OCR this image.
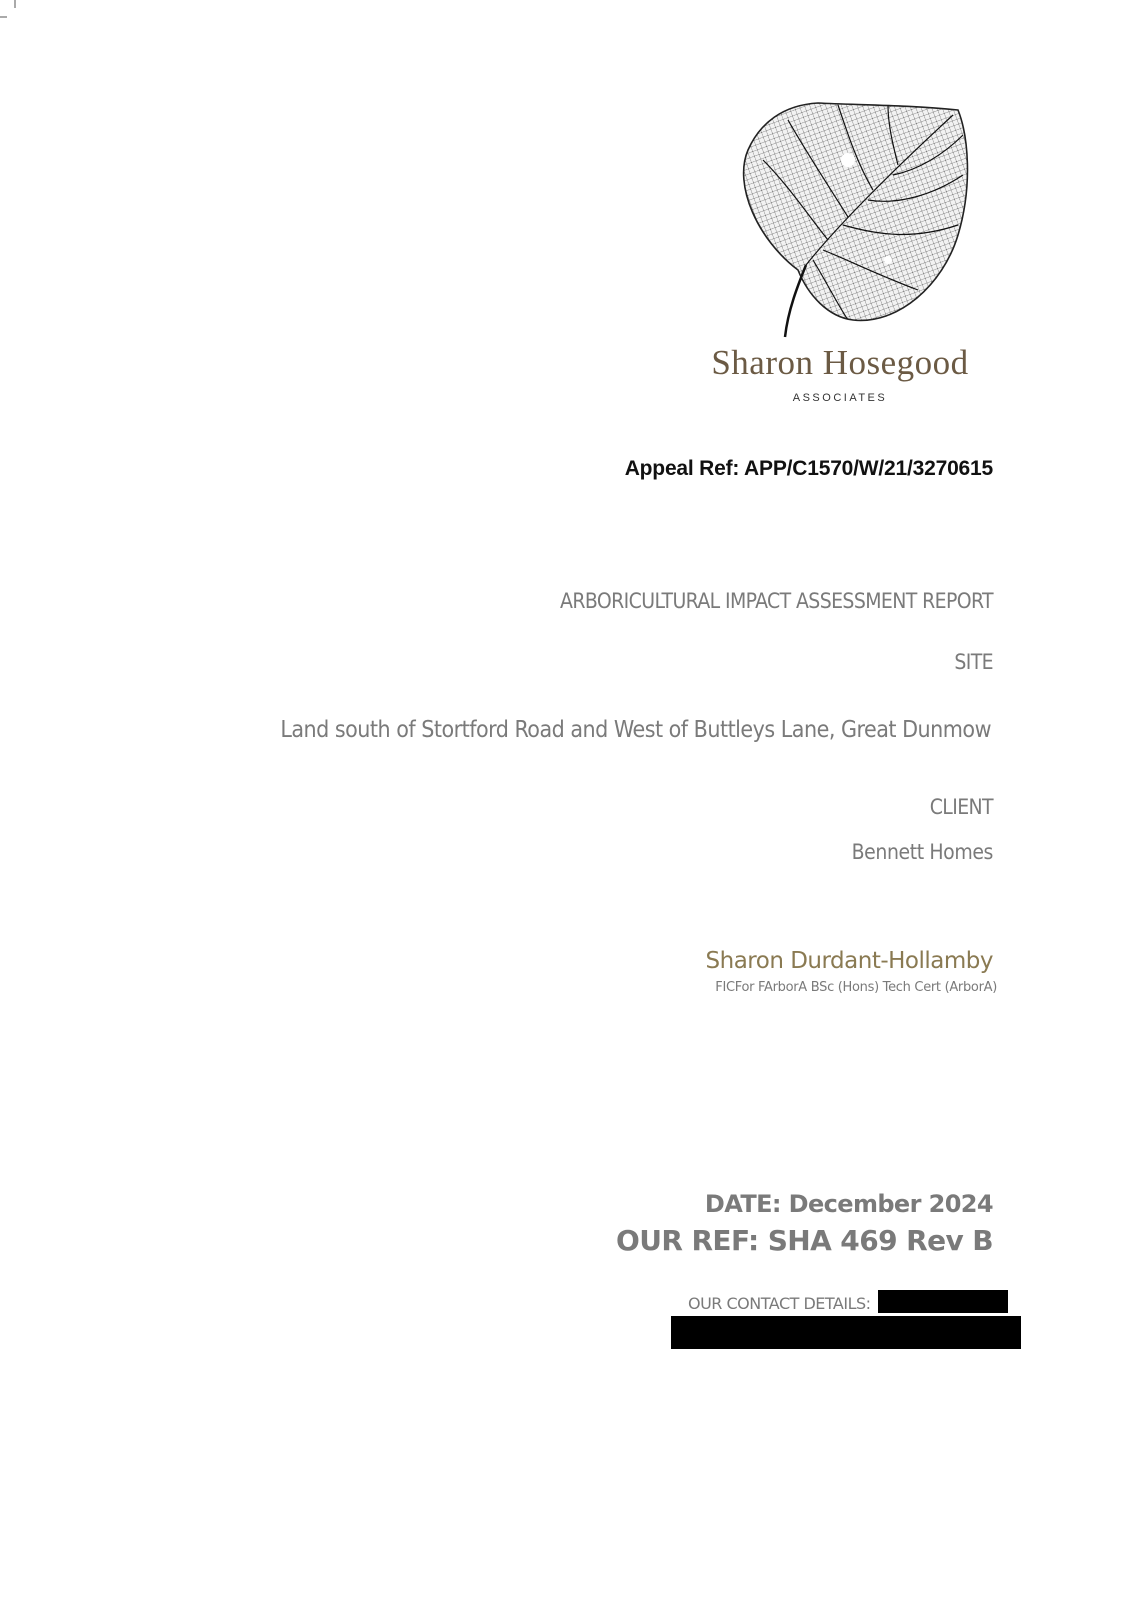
Sharon Hosegood
ASSOCIATES
Appeal Ref: APP/C1570/W/21/3270615
ARBORICULTURAL IMPACT ASSESSMENT REPORT
SITE
Land south of Stortford Road and West of Buttleys Lane, Great Dunmow
CLIENT
Bennett Homes
Sharon Durdant-Hollamby
FICFor FArborA BSc (Hons) Tech Cert (ArborA)
DATE: December 2024
OUR REF: SHA 469 Rev B
OUR CONTACT DETAILS:
